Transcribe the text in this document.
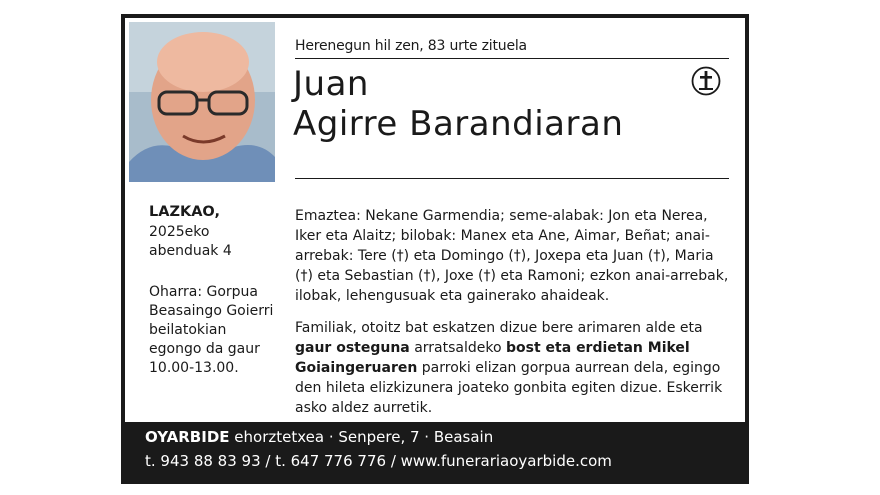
Herenegun hil zen, 83 urte zituela
Juan
Agirre Barandiaran
LAZKAO,
2025eko abenduak 4
Oharra: Gorpua Beasaingo Goierri beilatokian egongo da gaur 10.00-13.00.

Emaztea: Nekane Garmendia; seme-alabak: Jon eta Nerea, Iker eta Alaitz; bilobak: Manex eta Ane, Aimar, Beñat; anai-arrebak: Tere (†) eta Domingo (†), Joxepa eta Juan (†), Maria (†) eta Sebastian (†), Joxe (†) eta Ramoni; ezkon anai-arrebak, ilobak, lehengusuak eta gainerako ahaideak.

Familiak, otoitz bat eskatzen dizue bere arimaren alde eta gaur osteguna arratsaldeko bost eta erdietan Mikel Goiaingeruaren parroki elizan gorpua aurrean dela, egingo den hileta elizkizunera joateko gonbita egiten dizue. Eskerrik asko aldez aurretik.

OYARBIDE ehorztetxea · Senpere, 7 · Beasain
t. 943 88 83 93 / t. 647 776 776 / www.funerariaoyarbide.com
